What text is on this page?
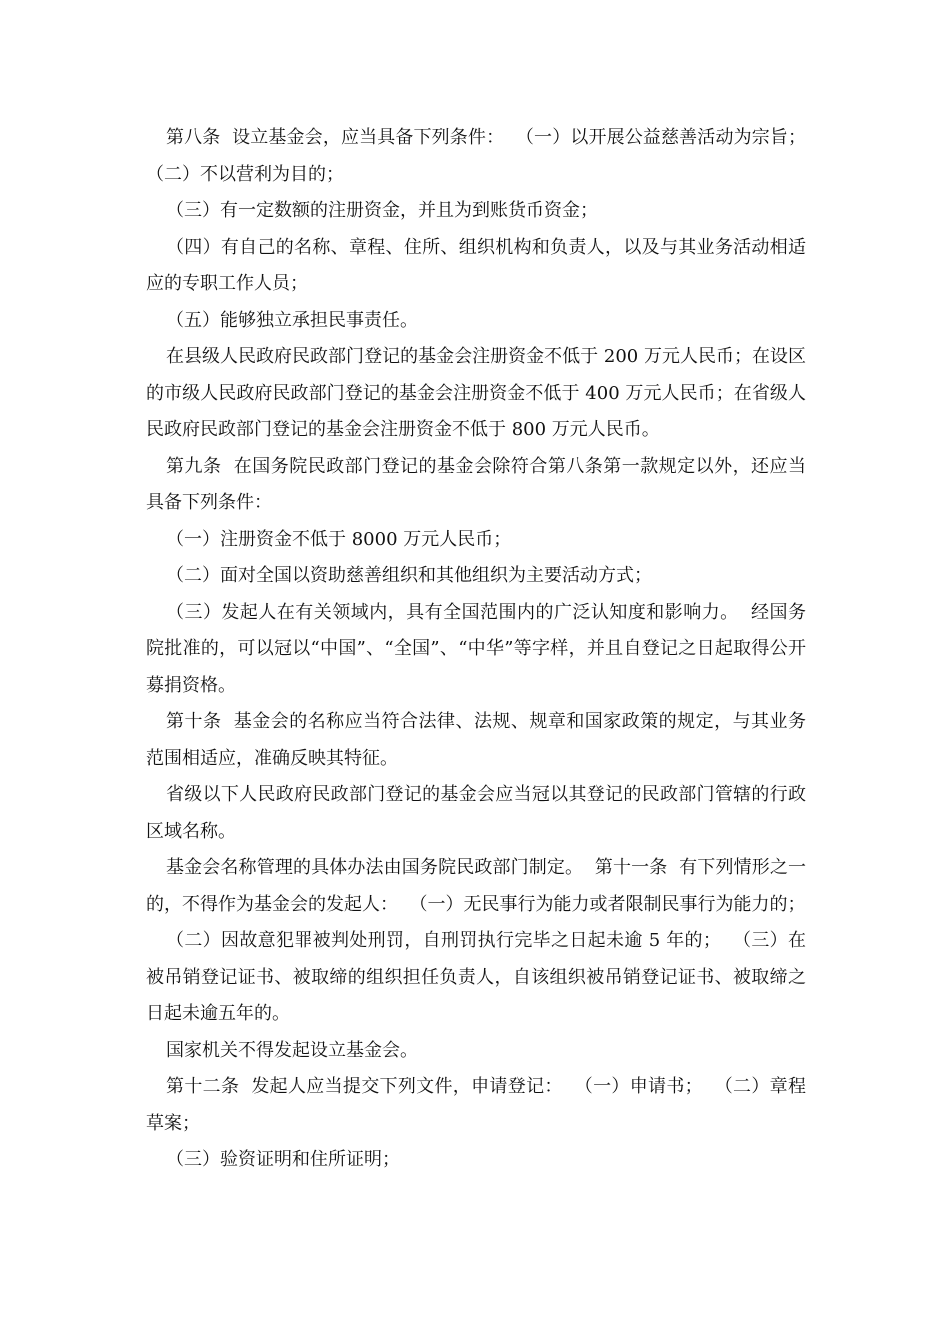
第八条  设立基金会，应当具备下列条件：  （一）以开展公益慈善活动为宗旨；  （二）不以营利为目的；

（三）有一定数额的注册资金，并且为到账货币资金；

（四）有自己的名称、章程、住所、组织机构和负责人，以及与其业务活动相适应的专职工作人员；

（五）能够独立承担民事责任。

在县级人民政府民政部门登记的基金会注册资金不低于 200 万元人民币；在设区的市级人民政府民政部门登记的基金会注册资金不低于 400 万元人民币；在省级人民政府民政部门登记的基金会注册资金不低于 800 万元人民币。

第九条  在国务院民政部门登记的基金会除符合第八条第一款规定以外，还应当具备下列条件：

（一）注册资金不低于 8000 万元人民币；

（二）面对全国以资助慈善组织和其他组织为主要活动方式；

（三）发起人在有关领域内，具有全国范围内的广泛认知度和影响力。  经国务院批准的，可以冠以“中国”、“全国”、“中华”等字样，并且自登记之日起取得公开募捐资格。

第十条  基金会的名称应当符合法律、法规、规章和国家政策的规定，与其业务范围相适应，准确反映其特征。

省级以下人民政府民政部门登记的基金会应当冠以其登记的民政部门管辖的行政区域名称。

基金会名称管理的具体办法由国务院民政部门制定。  第十一条  有下列情形之一的，不得作为基金会的发起人：  （一）无民事行为能力或者限制民事行为能力的；

（二）因故意犯罪被判处刑罚，自刑罚执行完毕之日起未逾 5 年的；  （三）在被吊销登记证书、被取缔的组织担任负责人，自该组织被吊销登记证书、被取缔之日起未逾五年的。

国家机关不得发起设立基金会。

第十二条  发起人应当提交下列文件，申请登记：  （一）申请书；  （二）章程草案；

（三）验资证明和住所证明；
